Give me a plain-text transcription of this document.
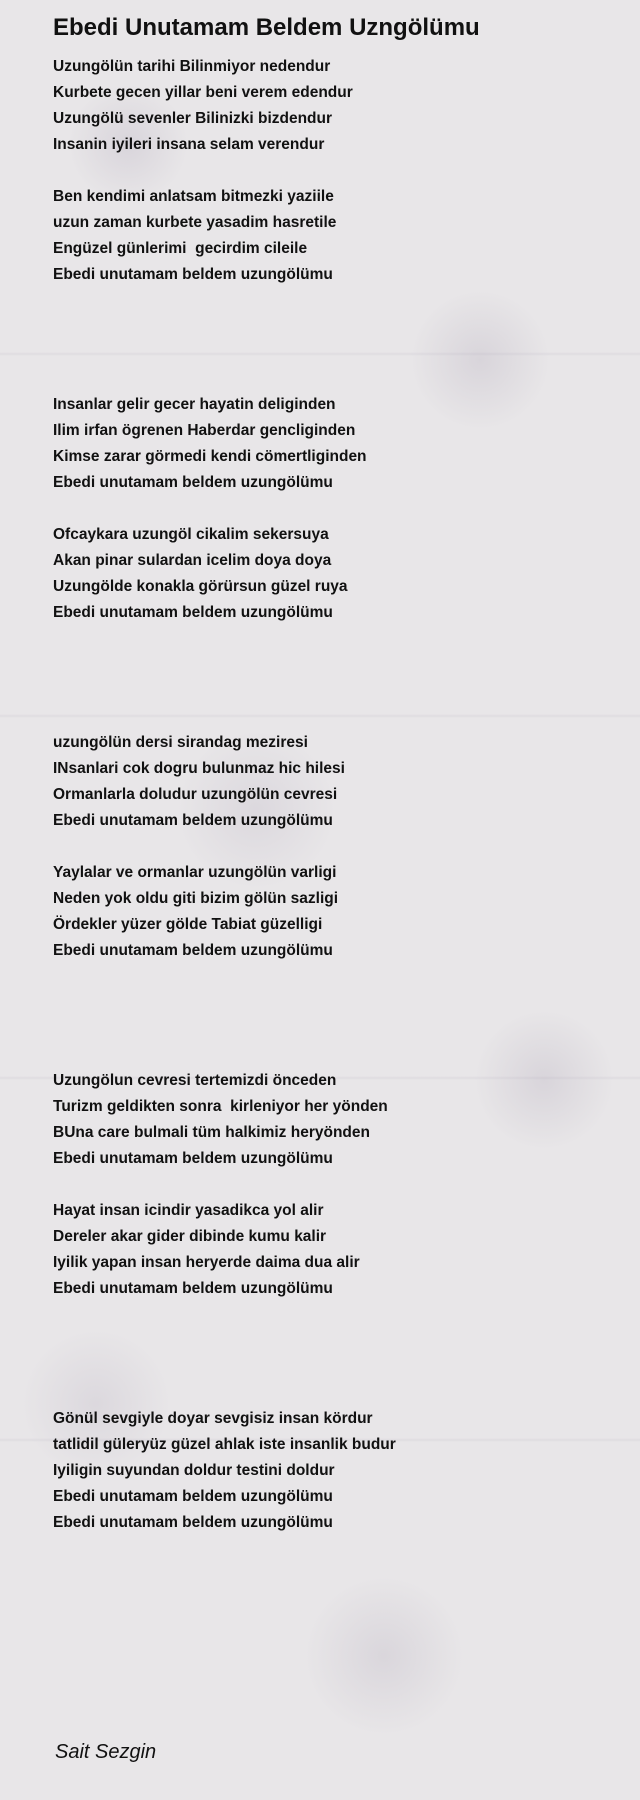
Ebedi Unutamam Beldem Uzngölümu
Uzungölün tarihi Bilinmiyor nedendur
Kurbete gecen yillar beni verem edendur
Uzungölü sevenler Bilinizki bizdendur
Insanin iyileri insana selam verendur
Ben kendimi anlatsam bitmezki yaziile
uzun zaman kurbete yasadim hasretile
Engüzel günlerimi  gecirdim cileile
Ebedi unutamam beldem uzungölümu
Insanlar gelir gecer hayatin deliginden
Ilim irfan ögrenen Haberdar gencliginden
Kimse zarar görmedi kendi cömertliginden
Ebedi unutamam beldem uzungölümu
Ofcaykara uzungöl cikalim sekersuya
Akan pinar sulardan icelim doya doya
Uzungölde konakla görürsun güzel ruya
Ebedi unutamam beldem uzungölümu
uzungölün dersi sirandag meziresi
INsanlari cok dogru bulunmaz hic hilesi
Ormanlarla doludur uzungölün cevresi
Ebedi unutamam beldem uzungölümu
Yaylalar ve ormanlar uzungölün varligi
Neden yok oldu giti bizim gölün sazligi
Ördekler yüzer gölde Tabiat güzelligi
Ebedi unutamam beldem uzungölümu
Uzungölun cevresi tertemizdi önceden
Turizm geldikten sonra  kirleniyor her yönden
BUna care bulmali tüm halkimiz heryönden
Ebedi unutamam beldem uzungölümu
Hayat insan icindir yasadikca yol alir
Dereler akar gider dibinde kumu kalir
Iyilik yapan insan heryerde daima dua alir
Ebedi unutamam beldem uzungölümu
Gönül sevgiyle doyar sevgisiz insan kördur
tatlidil güleryüz güzel ahlak iste insanlik budur
Iyiligin suyundan doldur testini doldur
Ebedi unutamam beldem uzungölümu
Ebedi unutamam beldem uzungölümu
Sait Sezgin
